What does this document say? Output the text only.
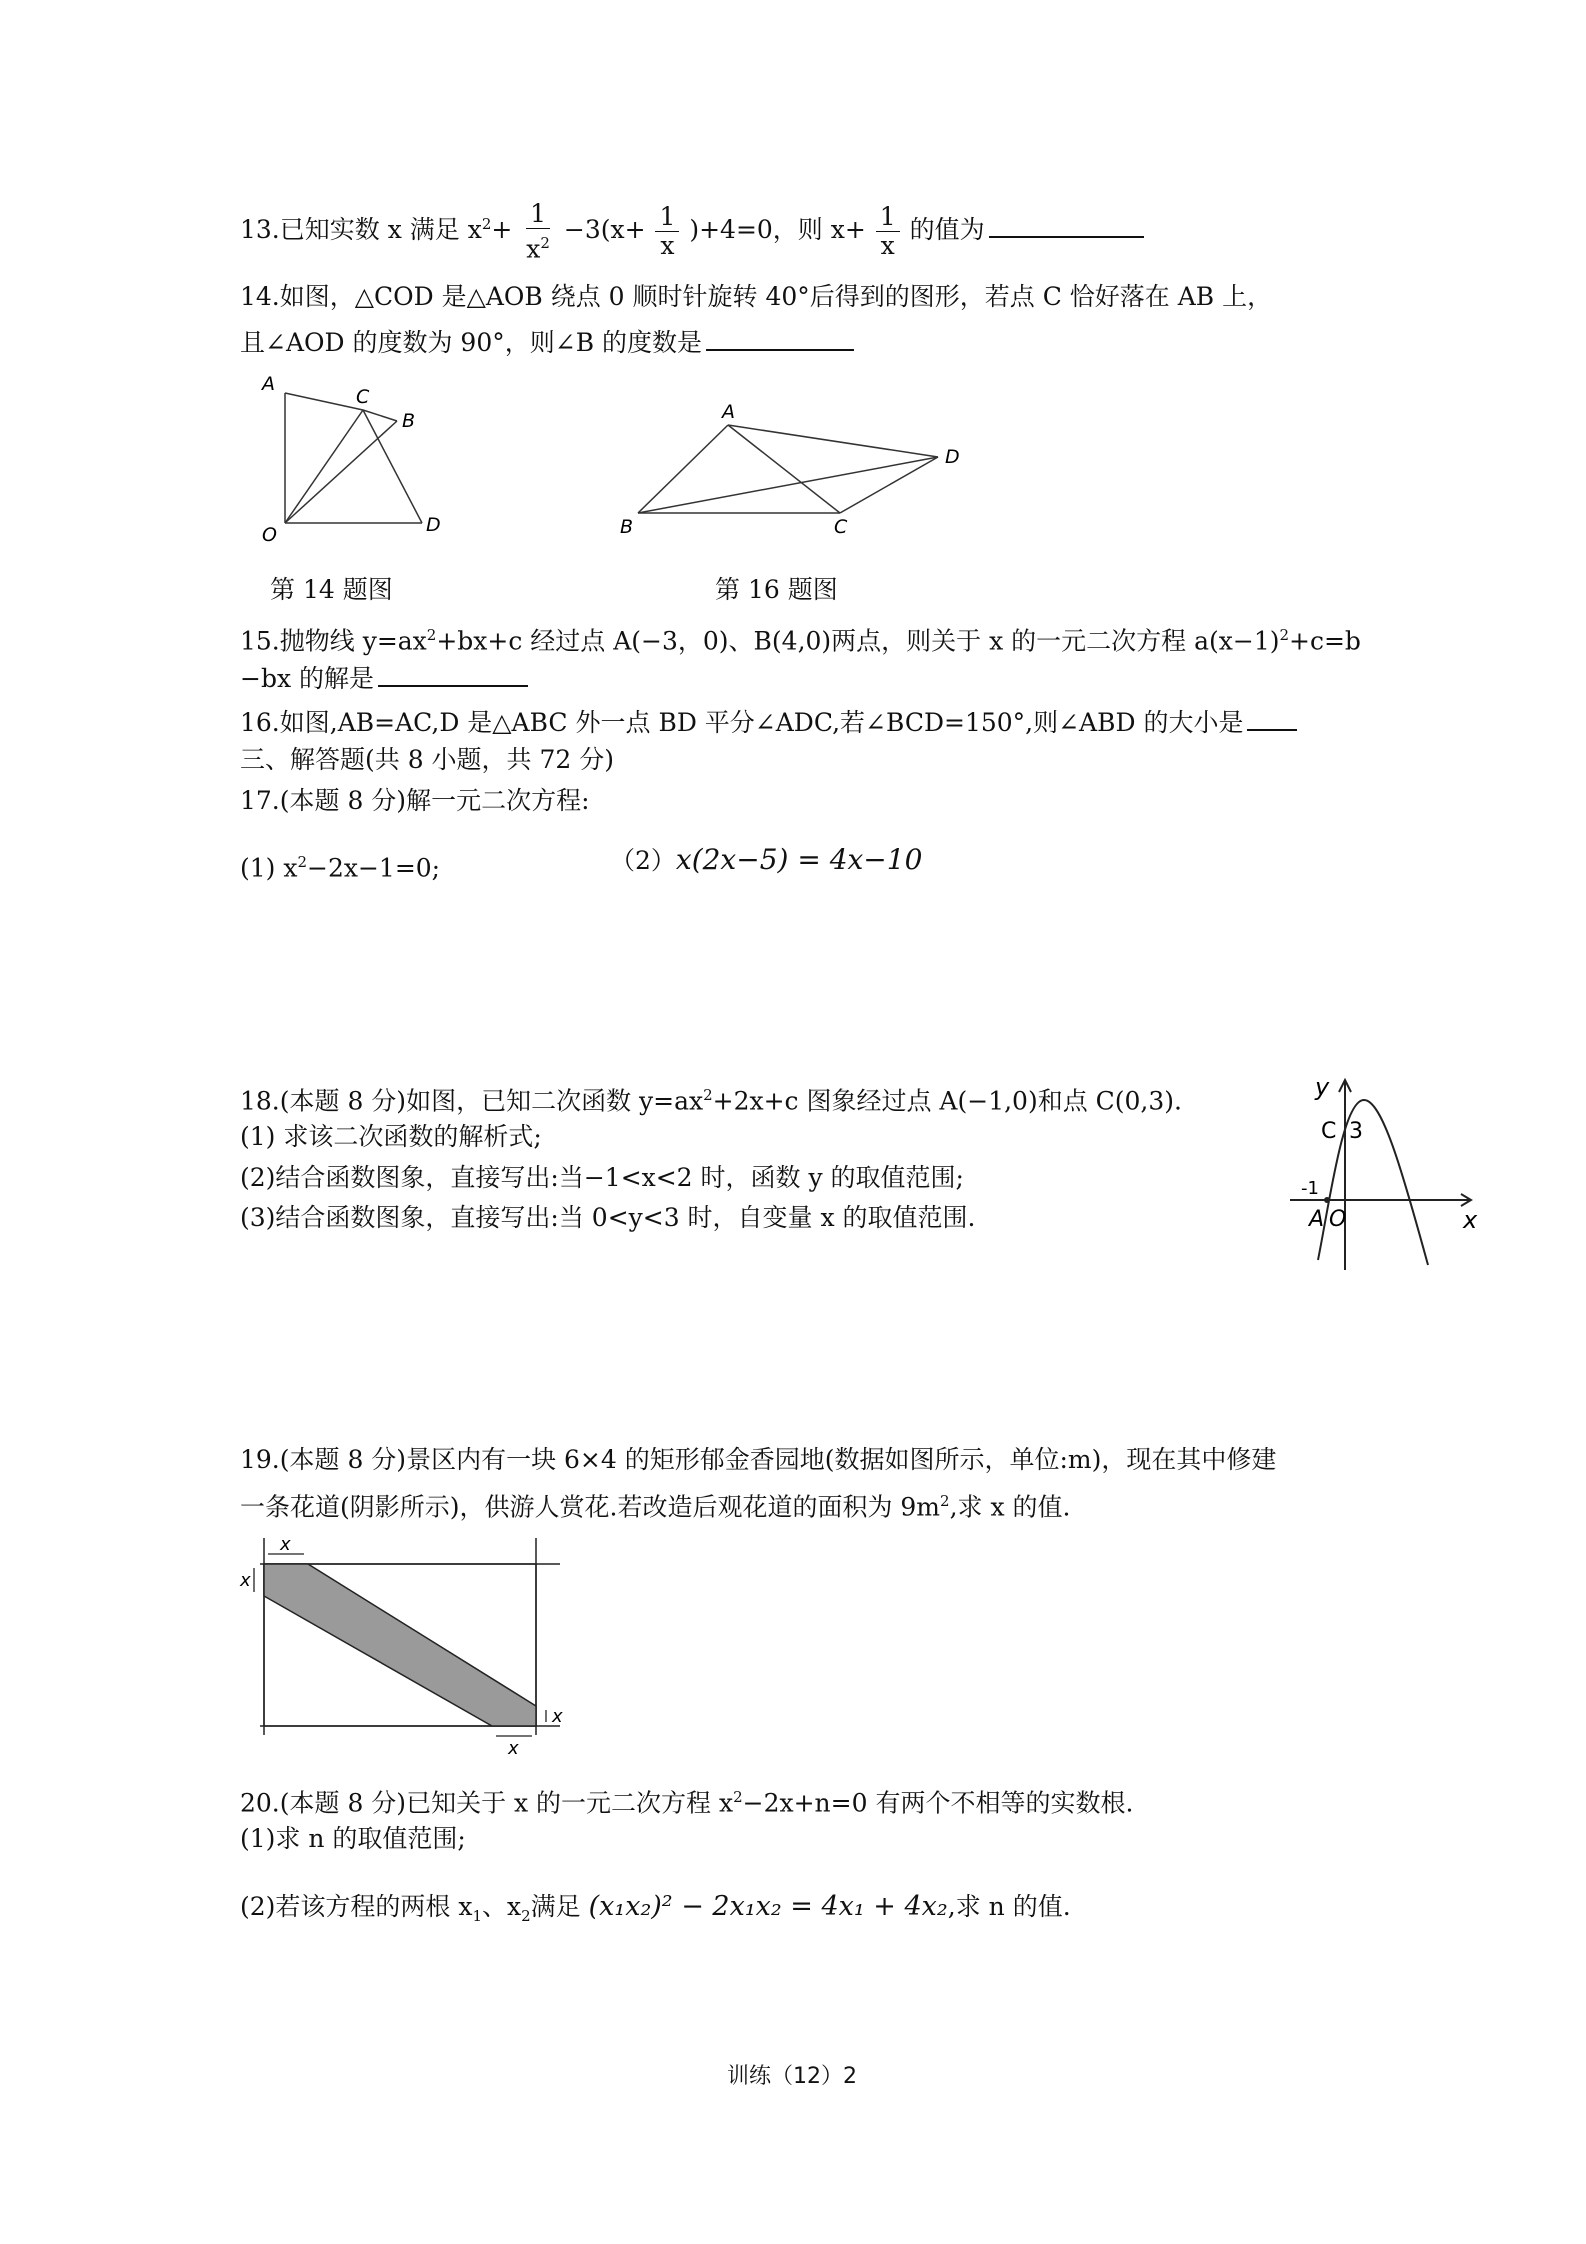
13.已知实数 x 满足 $x^2+ \frac{1}{x^2} -3(x+ \frac{1}{x} )+4=0$，则 $x+ \frac{1}{x}$ 的值为
14.如图，△COD 是△AOB 绕点 0 顺时针旋转 40°后得到的图形，若点 C 恰好落在 AB 上，
且∠AOD 的度数为 90°，则∠B 的度数是
A
C
B
O	D
A
D
B	C
第 14 题图	第 16 题图
15.抛物线 $y=ax^2+bx+c$ 经过点 A(−3，0)、B(4,0)两点，则关于 x 的一元二次方程 $a(x-1)^2+c=b$
−bx 的解是
16.如图,AB=AC,D 是△ABC 外一点 BD 平分∠ADC,若∠BCD=150°,则∠ABD 的大小是
三、解答题(共 8 小题，共 72 分)
17.(本题 8 分)解一元二次方程:
(1) $x^2-2x-1=0$;	（2）x(2x−5) = 4x−10
18.(本题 8 分)如图，已知二次函数 $y=ax^2+2x+c$ 图象经过点 A(−1,0)和点 C(0,3).
(1) 求该二次函数的解析式;
(2)结合函数图象，直接写出:当−1<x<2 时，函数 y 的取值范围;
(3)结合函数图象，直接写出:当 0<y<3 时，自变量 x 的取值范围.
y
C 3
-1
A O	x
19.(本题 8 分)景区内有一块 6×4 的矩形郁金香园地(数据如图所示，单位:m)，现在其中修建
一条花道(阴影所示)，供游人赏花.若改造后观花道的面积为 $9m^2$,求 x 的值.
x
x
x
x
20.(本题 8 分)已知关于 x 的一元二次方程 $x^2-2x+n=0$ 有两个不相等的实数根.
(1)求 n 的取值范围;
(2)若该方程的两根 $x_1$、$x_2$满足 (x₁x₂)² − 2x₁x₂ = 4x₁ + 4x₂,求 n 的值.
训练（12）2
